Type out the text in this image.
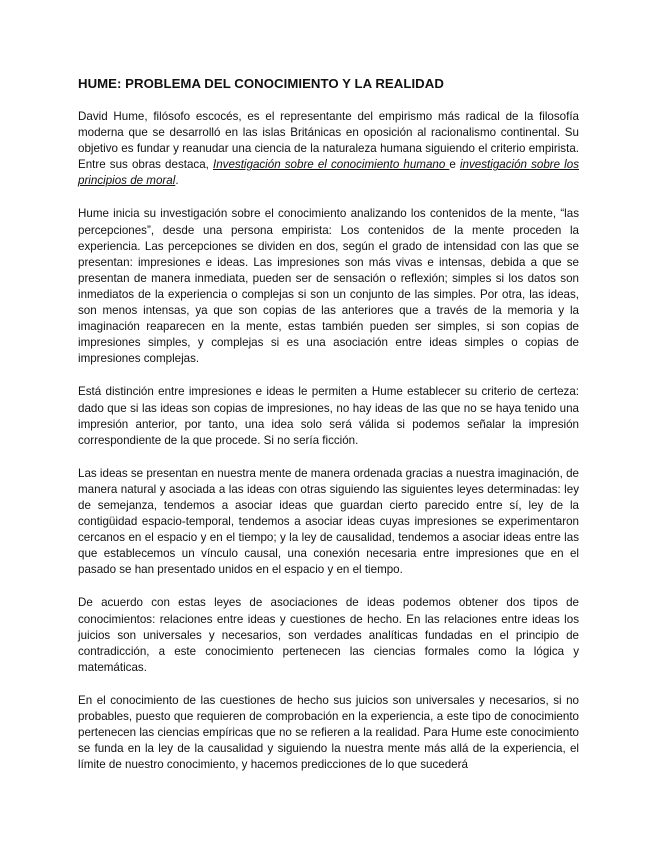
HUME: PROBLEMA DEL CONOCIMIENTO Y LA REALIDAD

David Hume, filósofo escocés, es el representante del empirismo más radical de la filosofía moderna que se desarrolló en las islas Británicas en oposición al racionalismo continental. Su objetivo es fundar y reanudar una ciencia de la naturaleza humana siguiendo el criterio empirista. Entre sus obras destaca, Investigación sobre el conocimiento humano e investigación sobre los principios de moral.

Hume inicia su investigación sobre el conocimiento analizando los contenidos de la mente, “las percepciones”, desde una persona empirista: Los contenidos de la mente proceden la experiencia. Las percepciones se dividen en dos, según el grado de intensidad con las que se presentan: impresiones e ideas. Las impresiones son más vivas e intensas, debida a que se presentan de manera inmediata, pueden ser de sensación o reflexión; simples si los datos son inmediatos de la experiencia o complejas si son un conjunto de las simples. Por otra, las ideas, son menos intensas, ya que son copias de las anteriores que a través de la memoria y la imaginación reaparecen en la mente, estas también pueden ser simples, si son copias de impresiones simples, y complejas si es una asociación entre ideas simples o copias de impresiones complejas.

Está distinción entre impresiones e ideas le permiten a Hume establecer su criterio de certeza: dado que si las ideas son copias de impresiones, no hay ideas de las que no se haya tenido una impresión anterior, por tanto, una idea solo será válida si podemos señalar la impresión correspondiente de la que procede. Si no sería ficción.

Las ideas se presentan en nuestra mente de manera ordenada gracias a nuestra imaginación, de manera natural y asociada a las ideas con otras siguiendo las siguientes leyes determinadas: ley de semejanza, tendemos a asociar ideas que guardan cierto parecido entre sí, ley de la contigüidad espacio-temporal, tendemos a asociar ideas cuyas impresiones se experimentaron cercanos en el espacio y en el tiempo; y la ley de causalidad, tendemos a asociar ideas entre las que establecemos un vínculo causal, una conexión necesaria entre impresiones que en el pasado se han presentado unidos en el espacio y en el tiempo.

De acuerdo con estas leyes de asociaciones de ideas podemos obtener dos tipos de conocimientos: relaciones entre ideas y cuestiones de hecho. En las relaciones entre ideas los juicios son universales y necesarios, son verdades analíticas fundadas en el principio de contradicción, a este conocimiento pertenecen las ciencias formales como la lógica y matemáticas.

En el conocimiento de las cuestiones de hecho sus juicios son universales y necesarios, si no probables, puesto que requieren de comprobación en la experiencia, a este tipo de conocimiento pertenecen las ciencias empíricas que no se refieren a la realidad. Para Hume este conocimiento se funda en la ley de la causalidad y siguiendo la nuestra mente más allá de la experiencia, el límite de nuestro conocimiento, y hacemos predicciones de lo que sucederá
